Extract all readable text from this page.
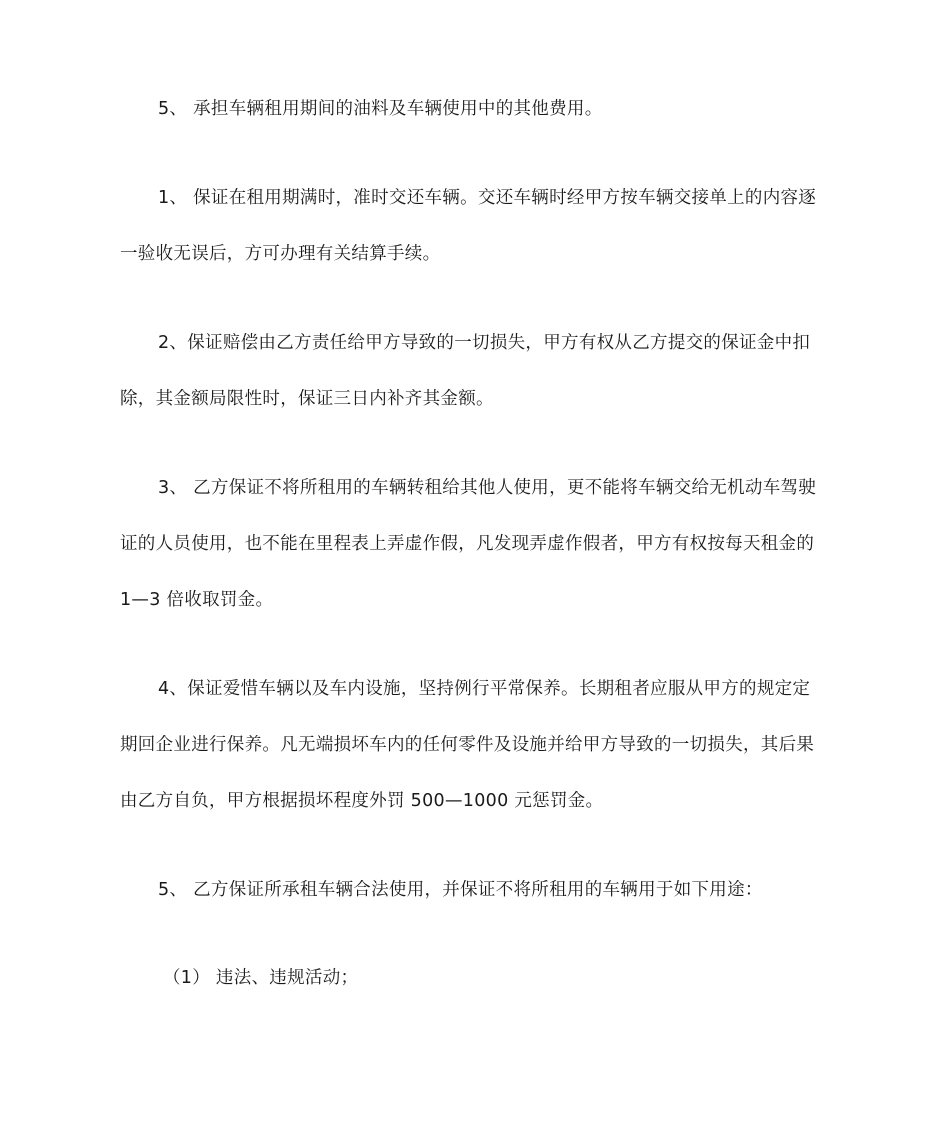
5、 承担车辆租用期间的油料及车辆使用中的其他费用。
1、 保证在租用期满时，准时交还车辆。交还车辆时经甲方按车辆交接单上的内容逐
一验收无误后，方可办理有关结算手续。
2、保证赔偿由乙方责任给甲方导致的一切损失，甲方有权从乙方提交的保证金中扣
除，其金额局限性时，保证三日内补齐其金额。
3、 乙方保证不将所租用的车辆转租给其他人使用，更不能将车辆交给无机动车驾驶
证的人员使用，也不能在里程表上弄虚作假，凡发现弄虚作假者，甲方有权按每天租金的
1—3 倍收取罚金。
4、保证爱惜车辆以及车内设施，坚持例行平常保养。长期租者应服从甲方的规定定
期回企业进行保养。凡无端损坏车内的任何零件及设施并给甲方导致的一切损失，其后果
由乙方自负，甲方根据损坏程度外罚 500—1000 元惩罚金。
5、 乙方保证所承租车辆合法使用，并保证不将所租用的车辆用于如下用途：
（1） 违法、违规活动；
